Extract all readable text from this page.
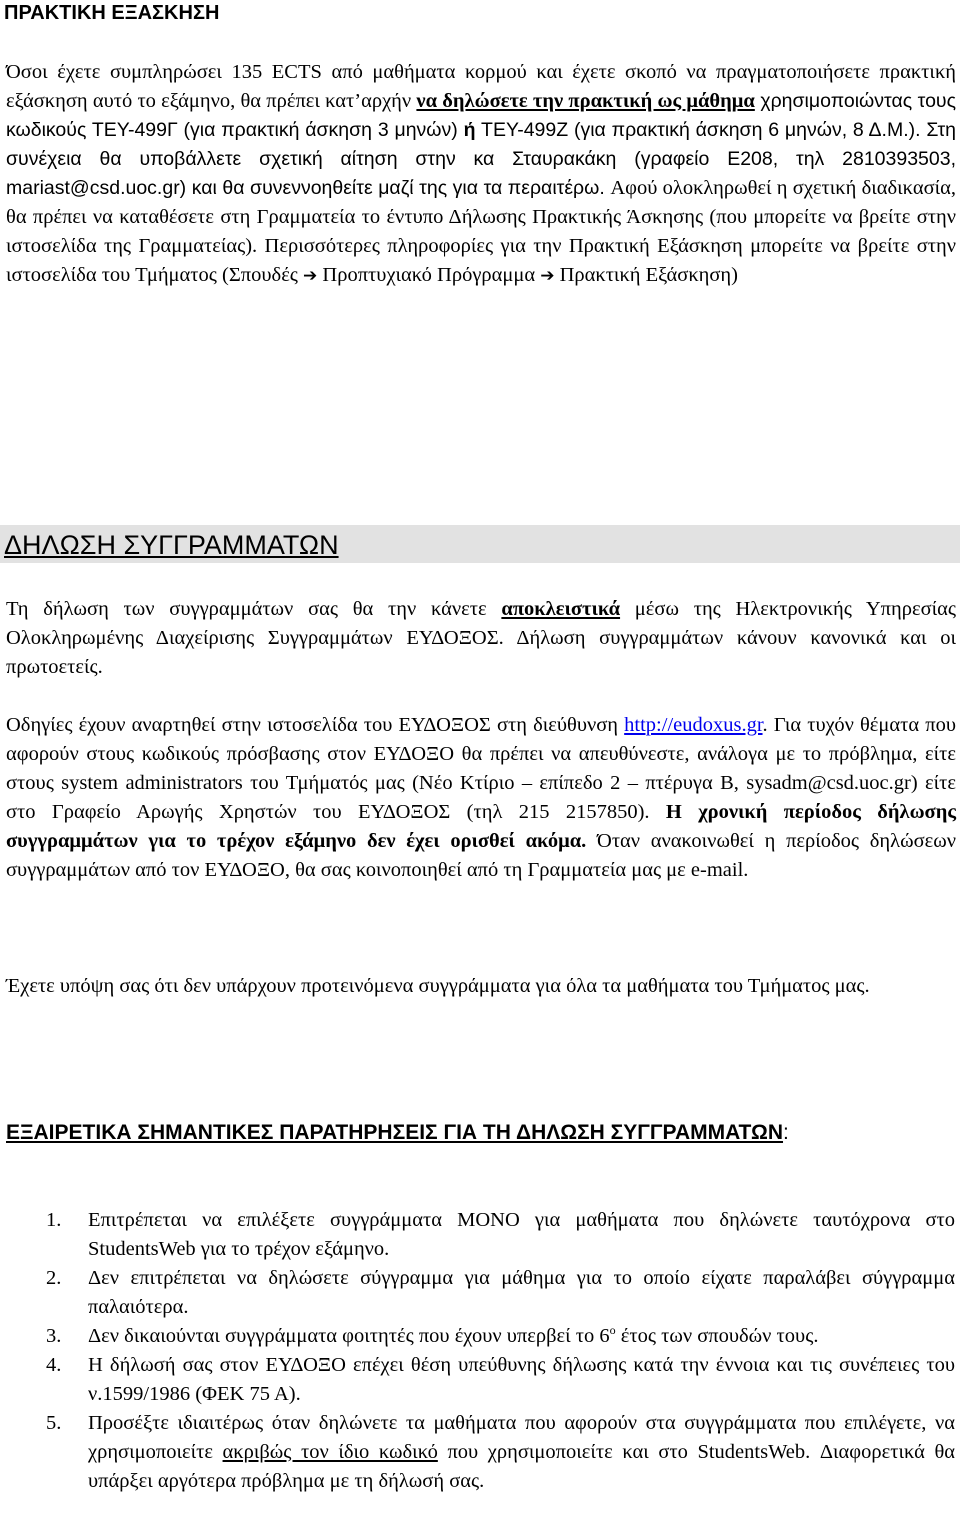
ΠΡΑΚΤΙΚΗ ΕΞΑΣΚΗΣΗ

Όσοι έχετε συμπληρώσει 135 ECTS από μαθήματα κορμού και έχετε σκοπό να πραγματοποιήσετε πρακτική εξάσκηση αυτό το εξάμηνο, θα πρέπει κατ’αρχήν να δηλώσετε την πρακτική ως μάθημα χρησιμοποιώντας τους κωδικούς ΤΕΥ-499Γ (για πρακτική άσκηση 3 μηνών) ή ΤΕΥ-499Ζ (για πρακτική άσκηση 6 μηνών, 8 Δ.Μ.). Στη συνέχεια θα υποβάλλετε σχετική αίτηση στην κα Σταυρακάκη (γραφείο Ε208, τηλ 2810393503, mariast@csd.uoc.gr) και θα συνεννοηθείτε μαζί της για τα περαιτέρω. Αφού ολοκληρωθεί η σχετική διαδικασία, θα πρέπει να καταθέσετε στη Γραμματεία το έντυπο Δήλωσης Πρακτικής Άσκησης (που μπορείτε να βρείτε στην ιστοσελίδα της Γραμματείας). Περισσότερες πληροφορίες για την Πρακτική Εξάσκηση μπορείτε να βρείτε στην ιστοσελίδα του Τμήματος (Σπουδές ➔ Προπτυχιακό Πρόγραμμα ➔ Πρακτική Εξάσκηση)

ΔΗΛΩΣΗ ΣΥΓΓΡΑΜΜΑΤΩΝ

Τη δήλωση των συγγραμμάτων σας θα την κάνετε αποκλειστικά μέσω της Ηλεκτρονικής Υπηρεσίας Ολοκληρωμένης Διαχείρισης Συγγραμμάτων ΕΥΔΟΞΟΣ. Δήλωση συγγραμμάτων κάνουν κανονικά και οι πρωτοετείς.

Οδηγίες έχουν αναρτηθεί στην ιστοσελίδα του ΕΥΔΟΞΟΣ στη διεύθυνση http://eudoxus.gr. Για τυχόν θέματα που αφορούν στους κωδικούς πρόσβασης στον ΕΥΔΟΞΟ θα πρέπει να απευθύνεστε, ανάλογα με το πρόβλημα, είτε στους system administrators του Τμήματός μας (Νέο Κτίριο – επίπεδο 2 – πτέρυγα Β, sysadm@csd.uoc.gr) είτε στο Γραφείο Αρωγής Χρηστών του ΕΥΔΟΞΟΣ (τηλ 215 2157850). Η χρονική περίοδος δήλωσης συγγραμμάτων για το τρέχον εξάμηνο δεν έχει ορισθεί ακόμα. Όταν ανακοινωθεί η περίοδος δηλώσεων συγγραμμάτων από τον ΕΥΔΟΞΟ, θα σας κοινοποιηθεί από τη Γραμματεία μας με e-mail.

Έχετε υπόψη σας ότι δεν υπάρχουν προτεινόμενα συγγράμματα για όλα τα μαθήματα του Τμήματος μας.

ΕΞΑΙΡΕΤΙΚΑ ΣΗΜΑΝΤΙΚΕΣ ΠΑΡΑΤΗΡΗΣΕΙΣ ΓΙΑ ΤΗ ΔΗΛΩΣΗ ΣΥΓΓΡΑΜΜΑΤΩΝ:
1. Επιτρέπεται να επιλέξετε συγγράμματα ΜΟΝΟ για μαθήματα που δηλώνετε ταυτόχρονα στο StudentsWeb για το τρέχον εξάμηνο.
2. Δεν επιτρέπεται να δηλώσετε σύγγραμμα για μάθημα για το οποίο είχατε παραλάβει σύγγραμμα παλαιότερα.
3. Δεν δικαιούνται συγγράμματα φοιτητές που έχουν υπερβεί το $6^o$ έτος των σπουδών τους.
4. Η δήλωσή σας στον ΕΥΔΟΞΟ επέχει θέση υπεύθυνης δήλωσης κατά την έννοια και τις συνέπειες του ν.1599/1986 (ΦΕΚ 75 Α).
5. Προσέξτε ιδιαιτέρως όταν δηλώνετε τα μαθήματα που αφορούν στα συγγράμματα που επιλέγετε, να χρησιμοποιείτε ακριβώς τον ίδιο κωδικό που χρησιμοποιείτε και στο StudentsWeb. Διαφορετικά θα υπάρξει αργότερα πρόβλημα με τη δήλωσή σας.
